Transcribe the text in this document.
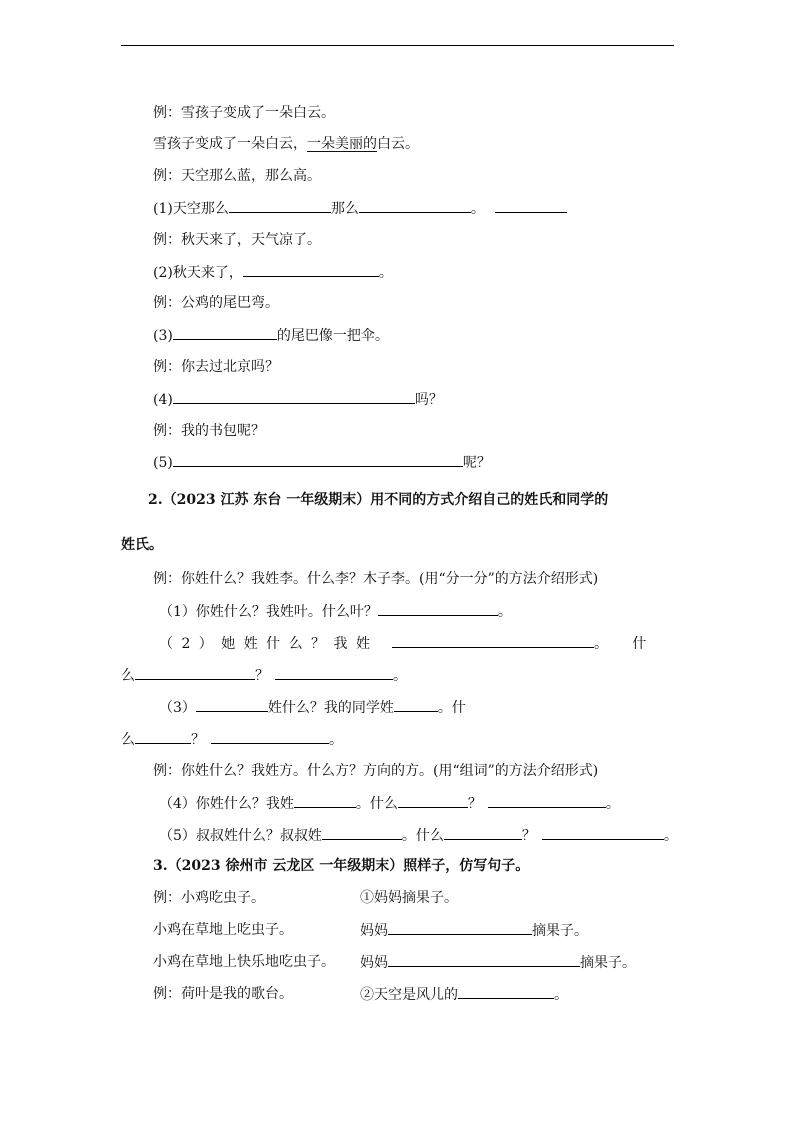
例：雪孩子变成了一朵白云。
雪孩子变成了一朵白云，一朵美丽的白云。
例：天空那么蓝，那么高。
(1)天空那么	那么	。
例：秋天来了，天气凉了。
(2)秋天来了，	。
例：公鸡的尾巴弯。
(3)	的尾巴像一把伞。
例：你去过北京吗？
(4)	吗？
例：我的书包呢？
(5)	呢？
2.（2023 江苏 东台 一年级期末）用不同的方式介绍自己的姓氏和同学的
姓氏。
例：你姓什么？我姓李。什么李？木子李。(用“分一分”的方法介绍形式)
（1）你姓什么？我姓叶。什么叶？	。
（ 2 ） 她 姓 什 么 ？ 我 姓	。 什
么	？	。
（3）	姓什么？我的同学姓	。什
么	？	。
例：你姓什么？我姓方。什么方？方向的方。(用“组词”的方法介绍形式)
（4）你姓什么？我姓	。什么	？	。
（5）叔叔姓什么？叔叔姓	。什么	？	。
3.（2023 徐州市 云龙区 一年级期末）照样子，仿写句子。
例：小鸡吃虫子。	①妈妈摘果子。
小鸡在草地上吃虫子。	妈妈	摘果子。
小鸡在草地上快乐地吃虫子。 妈妈	摘果子。
例：荷叶是我的歌台。	②天空是风儿的	。
